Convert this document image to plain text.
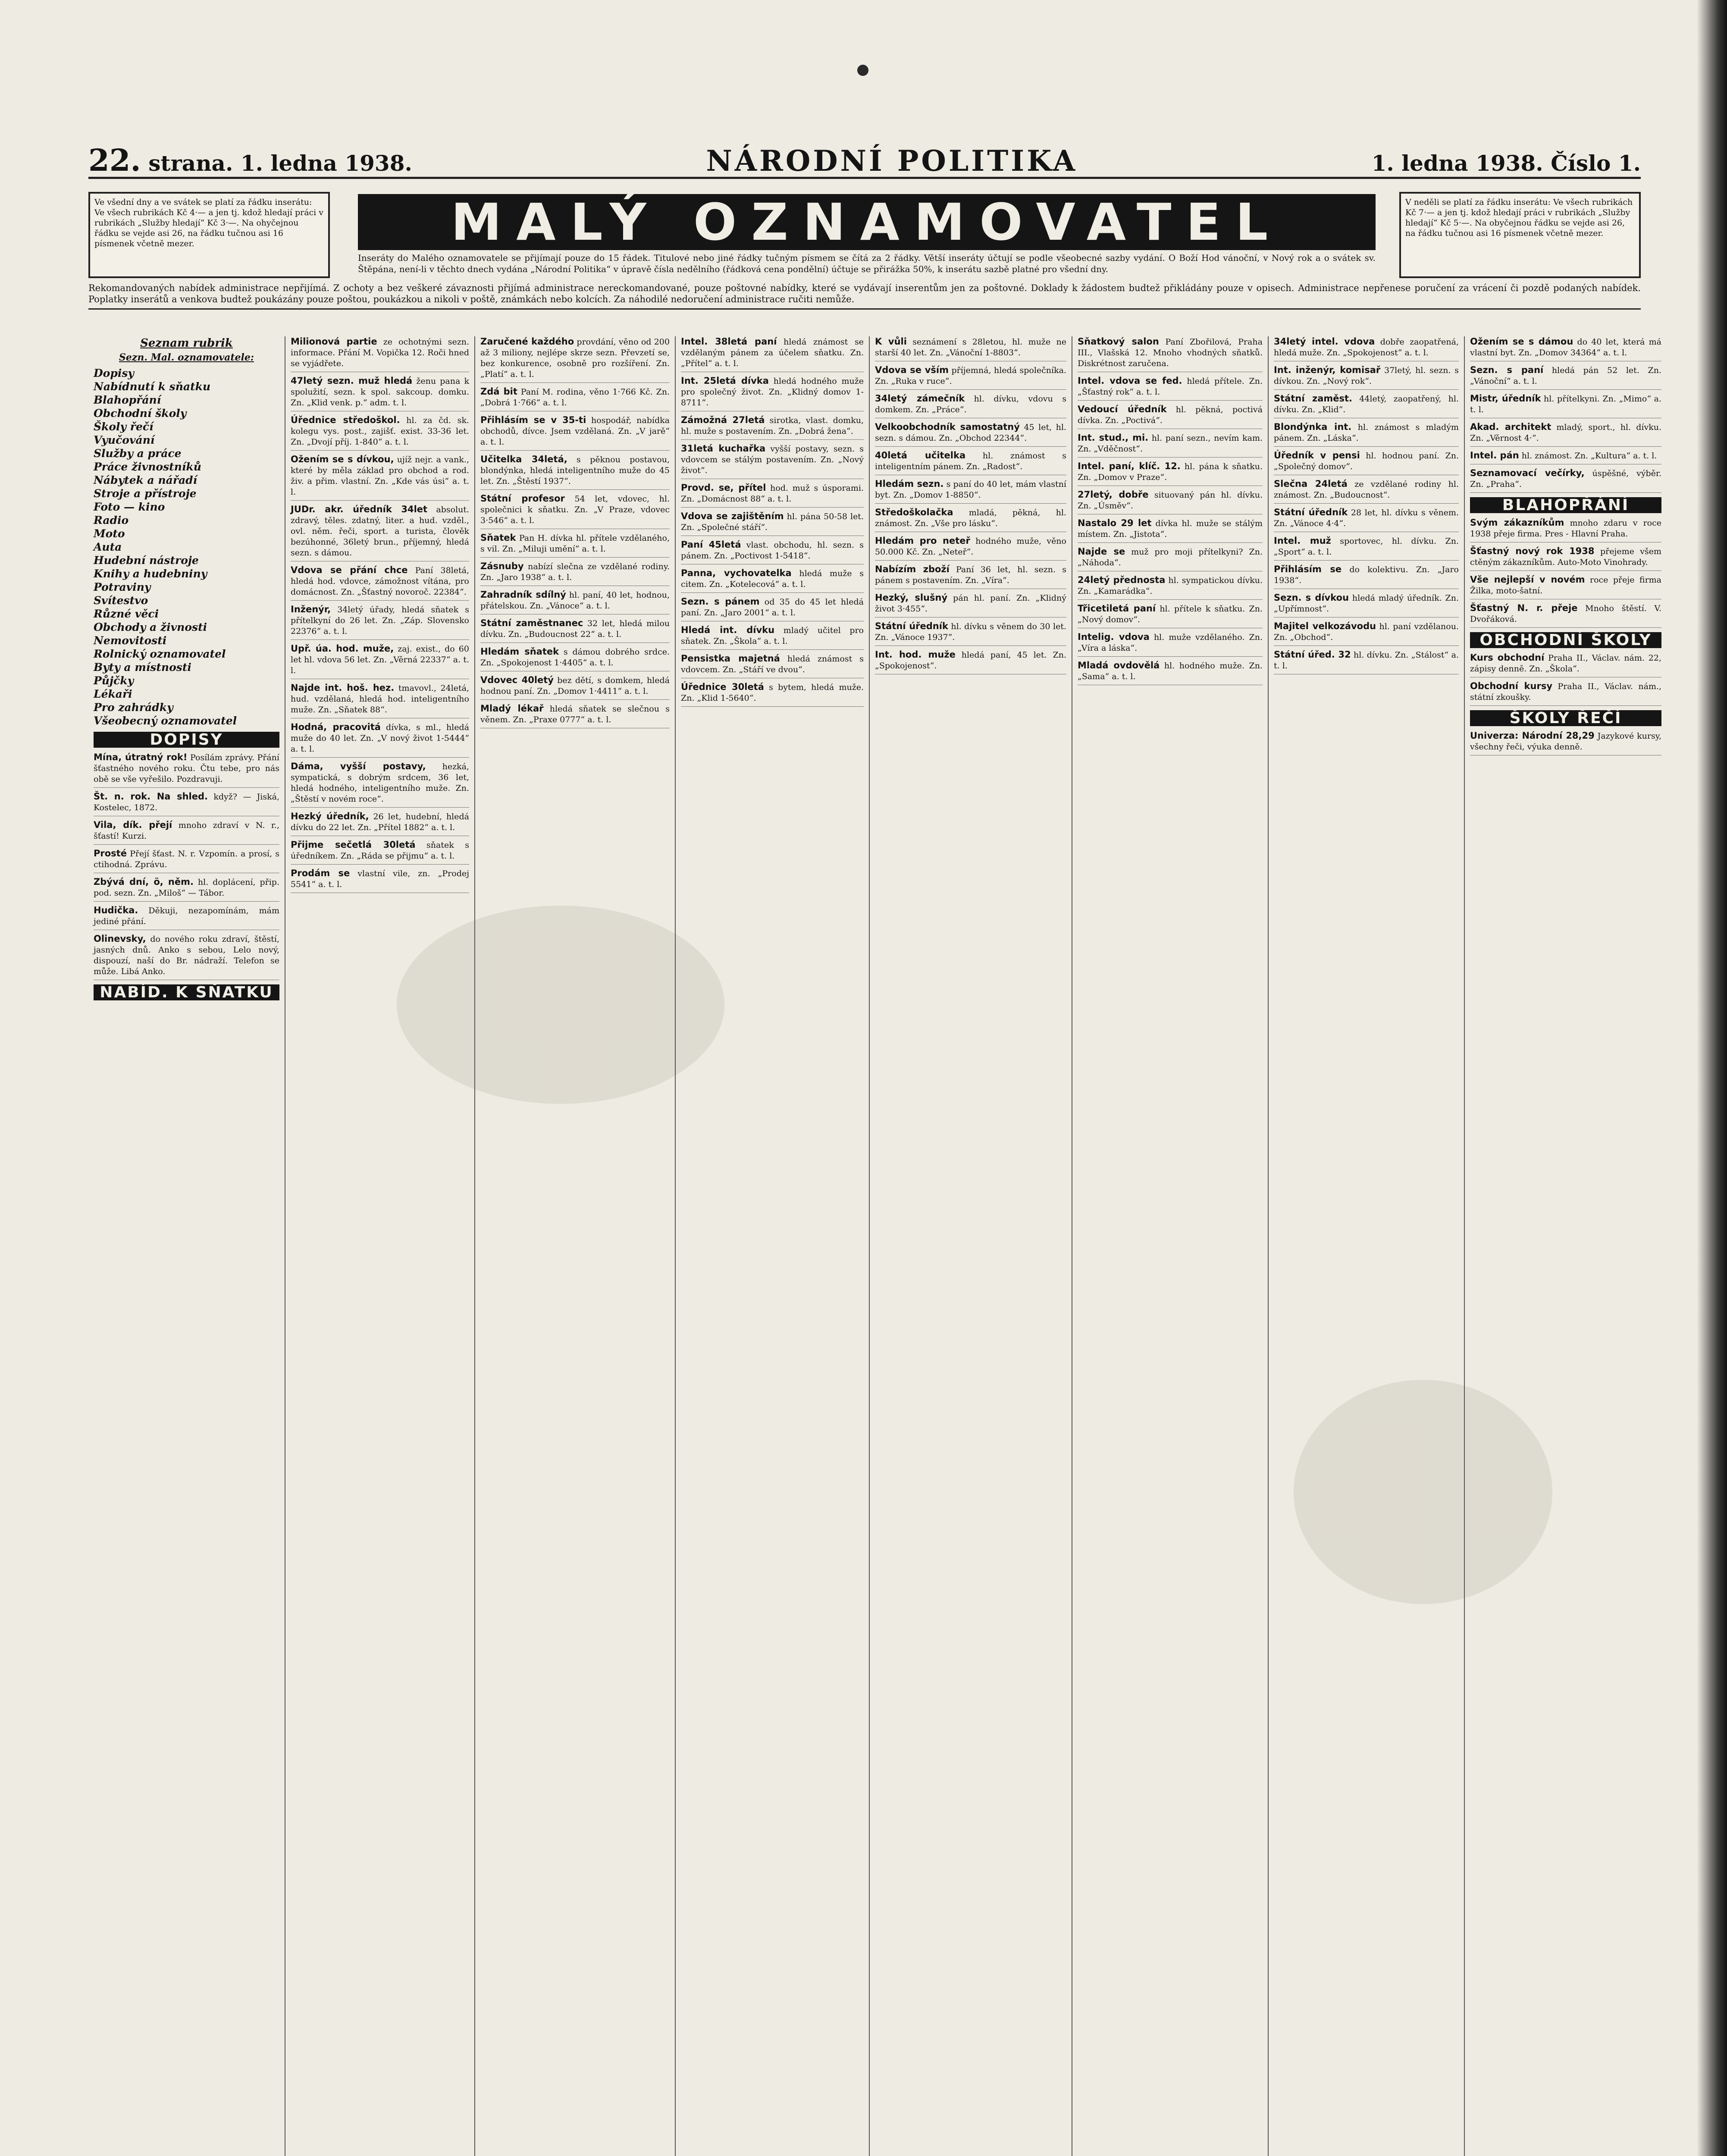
22. strana. 1. ledna 1938.	NÁRODNÍ POLITIKA	1. ledna 1938. Číslo 1.
Ve všední dny a ve svátek se platí za řádku inserátu: Ve všech rubrikách Kč 4·— a jen tj. kdož hledají práci v rubrikách „Služby hledají“ Kč 3·—. Na ohyčejnou řádku se vejde asi 26, na řádku tučnou asi 16 písmenek včetně mezer.	MALÝ OZNAMOVATEL
Inseráty do Malého oznamovatele se přijímají pouze do 15 řádek. Titulové nebo jiné řádky tučným písmem se čítá za 2 řádky. Větší inseráty účtují se podle všeobecné sazby vydání. O Boží Hod vánoční, v Nový rok a o svátek sv. Štěpána, není-li v těchto dnech vydána „Národní Politika“ v úpravě čísla nedělního (řádková cena pondělní) účtuje se přirážka 50%, k inserátu sazbě platné pro všední dny.
V neděli se platí za řádku inserátu: Ve všech rubrikách Kč 7·— a jen tj. kdož hledají práci v rubrikách „Služby hledají“ Kč 5·—. Na obyčejnou řádku se vejde asi 26, na řádku tučnou asi 16 písmenek včetně mezer.
Rekomandovaných nabídek administrace nepřijímá. Z ochoty a bez veškeré závaznosti přijímá administrace nereckomandované, pouze poštovné nabídky, které se vydávají inserentům jen za poštovné. Doklady k žádostem budtež přikládány pouze v opisech. Administrace nepřenese poručení za vrácení či pozdě podaných nabídek. Poplatky inserátů a venkova budtež poukázány pouze poštou, poukázkou a nikoli v poště, známkách nebo kolcích. Za náhodilé nedoručení administrace ručiti nemůže.
Seznam rubrik
Sezn. Mal. oznamovatele:
Dopisy
Nabídnutí k sňatku
Blahopřání
Obchodní školy
Školy řečí
Vyučování
Služby a práce
Práce živnostníků
Nábytek a nářadí
Stroje a přístroje
Foto — kino
Radio
Moto
Auta
Hudební nástroje
Knihy a hudebniny
Potraviny
Svítestvo
Různé věci
Obchody a živnosti
Nemovitosti
Rolnický oznamovatel
Byty a místnosti
Půjčky
Lékaři
Pro zahrádky
Všeobecný oznamovatel
DOPISY
Mína, útratný rok! Posílám zprávy. Přání šťastného nového roku. Čtu tebe, pro nás obě se vše vyřešilo. Pozdravuji.
Št. n. rok. Na shled. když? — Jiská, Kostelec, 1872.
Vila, dík. přejí mnoho zdraví v N. r., šťastí! Kurzi.
Prosté Přejí šťast. N. r. Vzpomín. a prosí, s ctihodná. Zprávu.
Zbývá dní, ö, něm. hl. doplácení, přip. pod. sezn. Zn. „Miloš“ — Tábor.
Hudička. Děkuji, nezapomínám, mám jediné přání.
Olinevsky, do nového roku zdraví, štěstí, jasných dnů. Anko s sebou, Lelo nový, dispouzí, naší do Br. nádraží. Telefon se může. Libá Anko.
NABÍD. K SŇATKU
Milionová partie ze ochotnými sezn. informace. Přání M. Vopička 12. Roči hned se vyjádřete.
47letý sezn. muž hledá ženu pana k spolužití, sezn. k spol. sakcoup. domku. Zn. „Klid venk. p.“ adm. t. l.
Úřednice středoškol. hl. za čd. sk. kolegu vys. post., zajišť. exist. 33-36 let. Zn. „Dvojí příj. 1-840“ a. t. l.
Ožením se s dívkou, ujíž nejr. a vank., které by měla základ pro obchod a rod. živ. a přim. vlastní. Zn. „Kde vás úsi“ a. t. l.
JUDr. akr. úředník 34let absolut. zdravý, těles. zdatný, liter. a hud. vzděl., ovl. něm. řeči, sport. a turista, člověk bezúhonné, 36letý brun., příjemný, hledá sezn. s dámou.
Vdova se přání chce Paní 38letá, hledá hod. vdovce, zámožnost vítána, pro domácnost. Zn. „Šťastný novoroč. 22384“.
Inženýr, 34letý úřady, hledá sňatek s přítelkyní do 26 let. Zn. „Záp. Slovensko 22376“ a. t. l.
Upř. úa. hod. muže, zaj. exist., do 60 let hl. vdova 56 let. Zn. „Věrná 22337“ a. t. l.
Najde int. hoš. hez. tmavovl., 24letá, hud. vzdělaná, hledá hod. inteligentního muže. Zn. „Sňatek 88“.
Hodná, pracovitá dívka, s ml., hledá muže do 40 let. Zn. „V nový život 1-5444“ a. t. l.
Dáma, vyšší postavy, hezká, sympatická, s dobrým srdcem, 36 let, hledá hodného, inteligentního muže. Zn. „Štěstí v novém roce“.
Hezký úředník, 26 let, hudební, hledá dívku do 22 let. Zn. „Přítel 1882“ a. t. l.
Přijme sečetlá 30letá sňatek s úředníkem. Zn. „Ráda se přijmu“ a. t. l.
Prodám se vlastní vile, zn. „Prodej 5541“ a. t. l.
Zaručené každého provdání, věno od 200 až 3 miliony, nejlépe skrze sezn. Převzetí se, bez konkurence, osobně pro rozšíření. Zn. „Platí“ a. t. l.
Zdá bit Paní M. rodina, věno 1·766 Kč. Zn. „Dobrá 1·766“ a. t. l.
Přihlásím se v 35-ti hospodář, nabídka obchodů, dívce. Jsem vzdělaná. Zn. „V jarě“ a. t. l.
Učitelka 34letá, s pěknou postavou, blondýnka, hledá inteligentního muže do 45 let. Zn. „Štěstí 1937“.
Státní profesor 54 let, vdovec, hl. společnici k sňatku. Zn. „V Praze, vdovec 3·546“ a. t. l.
Sňatek Pan H. dívka hl. přítele vzdělaného, s vil. Zn. „Miluji umění“ a. t. l.
Zásnuby nabízí slečna ze vzdělané rodiny. Zn. „Jaro 1938“ a. t. l.
Zahradník sdílný hl. paní, 40 let, hodnou, přátelskou. Zn. „Vánoce“ a. t. l.
Státní zaměstnanec 32 let, hledá milou dívku. Zn. „Budoucnost 22“ a. t. l.
Hledám sňatek s dámou dobrého srdce. Zn. „Spokojenost 1·4405“ a. t. l.
Vdovec 40letý bez dětí, s domkem, hledá hodnou paní. Zn. „Domov 1·4411“ a. t. l.
Mladý lékař hledá sňatek se slečnou s věnem. Zn. „Praxe 0777“ a. t. l.
Intel. 38letá paní hledá známost se vzdělaným pánem za účelem sňatku. Zn. „Přítel“ a. t. l.
Int. 25letá dívka hledá hodného muže pro společný život. Zn. „Klidný domov 1-8711“.
Zámožná 27letá sirotka, vlast. domku, hl. muže s postavením. Zn. „Dobrá žena“.
31letá kuchařka vyšší postavy, sezn. s vdovcem se stálým postavením. Zn. „Nový život“.
Provd. se, přítel hod. muž s úsporami. Zn. „Domácnost 88“ a. t. l.
Vdova se zajištěním hl. pána 50-58 let. Zn. „Společné stáří“.
Paní 45letá vlast. obchodu, hl. sezn. s pánem. Zn. „Poctivost 1-5418“.
Panna, vychovatelka hledá muže s citem. Zn. „Kotelecová“ a. t. l.
Sezn. s pánem od 35 do 45 let hledá paní. Zn. „Jaro 2001“ a. t. l.
Hledá int. dívku mladý učitel pro sňatek. Zn. „Škola“ a. t. l.
Pensistka majetná hledá známost s vdovcem. Zn. „Stáří ve dvou“.
Úřednice 30letá s bytem, hledá muže. Zn. „Klid 1-5640“.
K vůli seznámení s 28letou, hl. muže ne starší 40 let. Zn. „Vánoční 1-8803“.
Vdova se vším příjemná, hledá společníka. Zn. „Ruka v ruce“.
34letý zámečník hl. dívku, vdovu s domkem. Zn. „Práce“.
Velkoobchodník samostatný 45 let, hl. sezn. s dámou. Zn. „Obchod 22344“.
40letá učitelka hl. známost s inteligentním pánem. Zn. „Radost“.
Hledám sezn. s paní do 40 let, mám vlastní byt. Zn. „Domov 1-8850“.
Středoškolačka mladá, pěkná, hl. známost. Zn. „Vše pro lásku“.
Hledám pro neteř hodného muže, věno 50.000 Kč. Zn. „Neteř“.
Nabízím zboží Paní 36 let, hl. sezn. s pánem s postavením. Zn. „Víra“.
Hezký, slušný pán hl. paní. Zn. „Klidný život 3·455“.
Státní úředník hl. dívku s věnem do 30 let. Zn. „Vánoce 1937“.
Int. hod. muže hledá paní, 45 let. Zn. „Spokojenost“.
Sňatkový salon Paní Zbořilová, Praha III., Vlašská 12. Mnoho vhodných sňatků. Diskrétnost zaručena.
Intel. vdova se fed. hledá přítele. Zn. „Šťastný rok“ a. t. l.
Vedoucí úředník hl. pěkná, poctivá dívka. Zn. „Poctivá“.
Int. stud., mi. hl. paní sezn., nevím kam. Zn. „Vděčnost“.
Intel. paní, klíč. 12. hl. pána k sňatku. Zn. „Domov v Praze“.
27letý, dobře situovaný pán hl. dívku. Zn. „Úsměv“.
Nastalo 29 let dívka hl. muže se stálým místem. Zn. „Jistota“.
Najde se muž pro moji přítelkyni? Zn. „Náhoda“.
24letý přednosta hl. sympatickou dívku. Zn. „Kamarádka“.
Třicetiletá paní hl. přítele k sňatku. Zn. „Nový domov“.
Intelig. vdova hl. muže vzdělaného. Zn. „Víra a láska“.
Mladá ovdovělá hl. hodného muže. Zn. „Sama“ a. t. l.
34letý intel. vdova dobře zaopatřená, hledá muže. Zn. „Spokojenost“ a. t. l.
Int. inženýr, komisař 37letý, hl. sezn. s dívkou. Zn. „Nový rok“.
Státní zaměst. 44letý, zaopatřený, hl. dívku. Zn. „Klid“.
Blondýnka int. hl. známost s mladým pánem. Zn. „Láska“.
Úředník v pensi hl. hodnou paní. Zn. „Společný domov“.
Slečna 24letá ze vzdělané rodiny hl. známost. Zn. „Budoucnost“.
Státní úředník 28 let, hl. dívku s věnem. Zn. „Vánoce 4·4“.
Intel. muž sportovec, hl. dívku. Zn. „Sport“ a. t. l.
Přihlásím se do kolektivu. Zn. „Jaro 1938“.
Sezn. s dívkou hledá mladý úředník. Zn. „Upřímnost“.
Majitel velkozávodu hl. paní vzdělanou. Zn. „Obchod“.
Státní úřed. 32 hl. dívku. Zn. „Stálost“ a. t. l.
Ožením se s dámou do 40 let, která má vlastní byt. Zn. „Domov 34364“ a. t. l.
Sezn. s paní hledá pán 52 let. Zn. „Vánoční“ a. t. l.
Mistr, úředník hl. přítelkyni. Zn. „Mimo“ a. t. l.
Akad. architekt mladý, sport., hl. dívku. Zn. „Věrnost 4·“.
Intel. pán hl. známost. Zn. „Kultura“ a. t. l.
Seznamovací večírky, úspěšné, výběr. Zn. „Praha“.
BLAHOPŘÁNÍ
Svým zákazníkům mnoho zdaru v roce 1938 přeje firma. Pres - Hlavní Praha.
Šťastný nový rok 1938 přejeme všem ctěným zákazníkům. Auto-Moto Vinohrady.
Vše nejlepší v novém roce přeje firma Žilka, moto-šatní.
Šťastný N. r. přeje Mnoho štěstí. V. Dvořáková.
OBCHODNÍ ŠKOLY
Kurs obchodní Praha II., Václav. nám. 22, zápisy denně. Zn. „Škola“.
Obchodní kursy Praha II., Václav. nám., státní zkoušky.
ŠKOLY ŘEČÍ
Univerza: Národní 28,29 Jazykové kursy, všechny řeči, výuka denně.
